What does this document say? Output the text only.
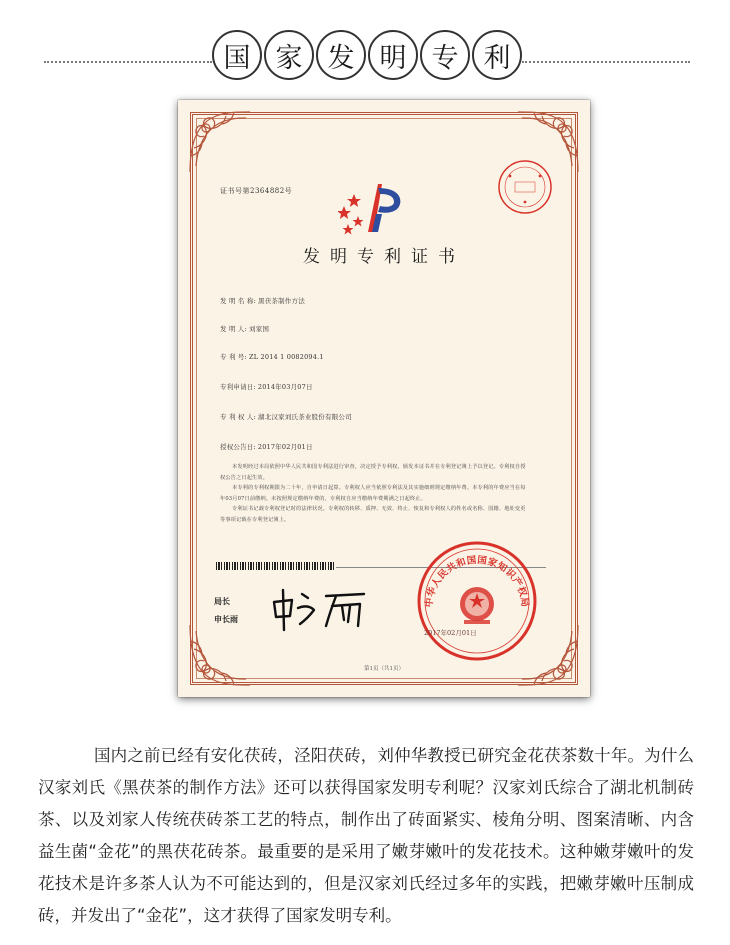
国 家 发 明 专 利
证书号第2364882号
发明专利证书
发 明 名 称: 黑茯茶制作方法
发 明 人: 刘家国
专 利 号: ZL 2014 1 0082094.1
专利申请日: 2014年03月07日
专 利 权 人: 湖北汉家刘氏茶业股份有限公司
授权公告日: 2017年02月01日

本发明经过本局依照中华人民共和国专利法进行审查，决定授予专利权，颁发本证书并在专利登记簿上予以登记。专利权自授权公告之日起生效。

本专利的专利权期限为二十年，自申请日起算。专利权人应当依照专利法及其实施细则规定缴纳年费。本专利的年费应当在每年03月07日前缴纳。未按照规定缴纳年费的，专利权自应当缴纳年费期满之日起终止。

专利证书记载专利权登记时的法律状况。专利权的转移、质押、无效、终止、恢复和专利权人的姓名或名称、国籍、地址变更等事项记载在专利登记簿上。

局长
申长雨
中华人民共和国国家知识产权局
2017年02月01日
第1页（共1页）

国内之前已经有安化茯砖，泾阳茯砖，刘仲华教授已研究金花茯茶数十年。为什么汉家刘氏《黑茯茶的制作方法》还可以获得国家发明专利呢？汉家刘氏综合了湖北机制砖茶、以及刘家人传统茯砖茶工艺的特点，制作出了砖面紧实、棱角分明、图案清晰、内含益生菌“金花”的黑茯花砖茶。最重要的是采用了嫩芽嫩叶的发花技术。这种嫩芽嫩叶的发花技术是许多茶人认为不可能达到的，但是汉家刘氏经过多年的实践，把嫩芽嫩叶压制成砖，并发出了“金花”，这才获得了国家发明专利。
